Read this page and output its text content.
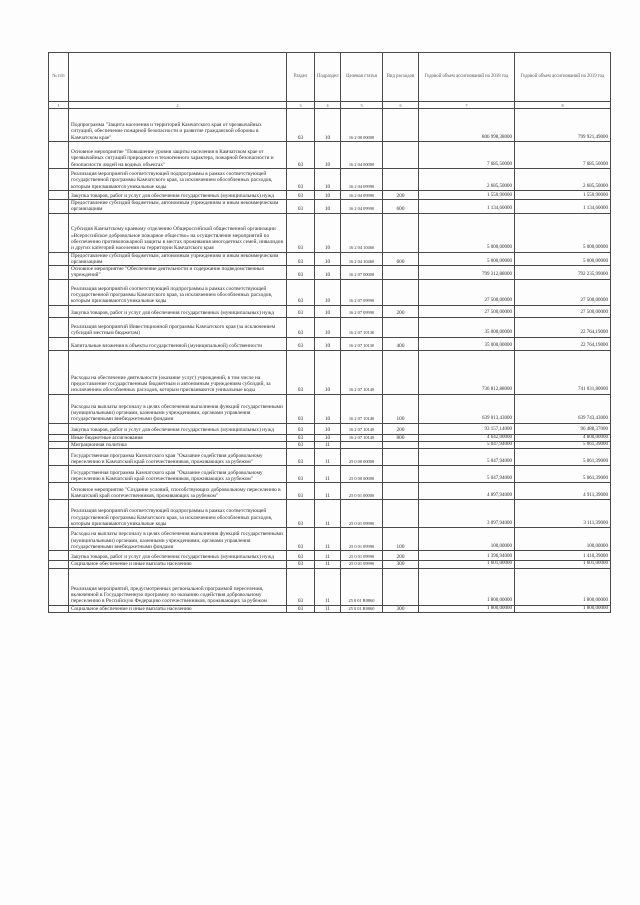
№ п/п		Раздел	Подраздел	Целевая статья	Вид расходов	Годовой объем ассигнований на 2018 год	Годовой объем ассигнований на 2019 год
1	2	3	4	5	6	7	8
	Подпрограмма "Защита населения и территорий Камчатского края от чрезвычайных ситуаций, обеспечение пожарной безопасности и развитие гражданской обороны в Камчатском крае"	03	10	16 2 00 00000		806 998,38000	799 921,49000
	Основное мероприятие "Повышение уровня защиты населения в Камчатском крае от чрезвычайных ситуаций природного и техногенного характера, пожарной безопасности и безопасности людей на водных объектах"	03	10	16 2 04 00000		7 685,50000	7 685,50000
	Реализация мероприятий соответствующей подпрограммы в рамках соответствующей государственной программы Камчатского края, за исключением обособленных расходов, которым присваиваются уникальные коды	03	10	16 2 04 09990		2 685,50000	2 685,50000
	Закупка товаров, работ и услуг для обеспечения государственных (муниципальных) нужд	03	10	16 2 04 09990	200	1 550,90000	1 550,90000
	Предоставление субсидий бюджетным, автономным учреждениям и иным некоммерческим организациям	03	10	16 2 04 09990	600	1 134,60000	1 134,60000
	Субсидия Камчатскому краевому отделению Общероссийской общественной организации «Всероссийское добровольное пожарное общество» на осуществление мероприятий по обеспечению противопожарной защиты в местах проживания многодетных семей, инвалидов и других категорий населения на территории Камчатского края	03	10	16 2 04 10460		5 000,00000	5 000,00000
	Предоставление субсидий бюджетным, автономным учреждениям и иным некоммерческим организациям	03	10	16 2 04 10460	600	5 000,00000	5 000,00000
	Основное мероприятие "Обеспечение деятельности и содержание подведомственных учреждений"	03	10	16 2 07 00000		799 312,88000	792 235,99000
	Реализация мероприятий соответствующей подпрограммы в рамках соответствующей государственной программы Камчатского края, за исключением обособленных расходов, которым присваиваются уникальные коды	03	10	16 2 07 09990		27 500,00000	27 500,00000
	Закупка товаров, работ и услуг для обеспечения государственных (муниципальных) нужд	03	10	16 2 07 09990	200	27 500,00000	27 500,00000
	Реализация мероприятий Инвестиционной программы Камчатского края (за исключением субсидий местным бюджетам)	03	10	16 2 07 10130		35 000,00000	22 764,19000
	Капитальные вложения в объекты государственной (муниципальной) собственности	03	10	16 2 07 10130	400	35 000,00000	22 764,19000
	Расходы на обеспечение деятельности (оказание услуг) учреждений, в том числе на предоставление государственным бюджетным и автономным учреждениям субсидий, за исключением обособленных расходов, которым присваиваются уникальные коды	03	10	16 2 07 10140		736 812,88000	741 031,80000
	Расходы на выплаты персоналу в целях обеспечения выполнения функций государственными (муниципальными) органами, казенными учреждениями, органами управления государственными внебюджетными фондами	03	10	16 2 07 10140	100	639 013,43000	639 743,43000
	Закупка товаров, работ и услуг для обеспечения государственных (муниципальных) нужд	03	10	16 2 07 10140	200	93 157,14000	96 488,37000
	Иные бюджетные ассигнования	03	10	16 2 07 10140	800	4 642,00000	4 800,00000
	Миграционная политика	03	11			5 047,94000	5 061,39000
	Государственная программа Камчатского края "Оказание содействия добровольному переселению в Камчатский край соотечественников, проживающих за рубежом"	03	11	25 0 00 00000		5 047,94000	5 061,39000
	Государственная программа Камчатского края "Оказание содействия добровольному переселению в Камчатский край соотечественников, проживающих за рубежом"	03	11	25 0 00 00000		5 047,94000	5 061,39000
	Основное мероприятие "Создание условий, способствующих добровольному переселению в Камчатский край соотечественников, проживающих за рубежом"	03	11	25 0 01 00000		4 897,94000	4 911,39000
	Реализация мероприятий соответствующей подпрограммы в рамках соответствующей государственной программы Камчатского края, за исключением обособленных расходов, которым присваиваются уникальные коды	03	11	25 0 01 09990		3 097,94000	3 111,39000
	Расходы на выплаты персоналу в целях обеспечения выполнения функций государственными (муниципальными) органами, казенными учреждениями, органами управления государственными внебюджетными фондами	03	11	25 0 01 09990	100	100,00000	100,00000
	Закупка товаров, работ и услуг для обеспечения государственных (муниципальных) нужд	03	11	25 0 01 09990	200	1 396,94000	1 410,39000
	Социальное обеспечение и иные выплаты населению	03	11	25 0 01 09990	300	1 601,00000	1 601,00000
	Реализация мероприятий, предусмотренных региональной программой переселения, включенной в Государственную программу по оказанию содействия добровольному переселению в Российскую Федерацию соотечественников, проживающих за рубежом	03	11	25 0 01 R0860		1 800,00000	1 800,00000
	Социальное обеспечение и иные выплаты населению	03	11	25 0 01 R0860	300	1 800,00000	1 800,00000
